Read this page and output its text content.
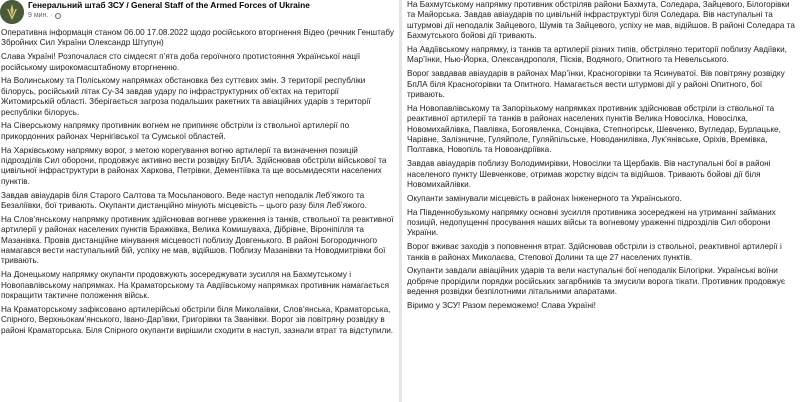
Генеральний штаб ЗСУ / General Staff of the Armed Forces of Ukraine
9 мин. ·

Оперативна інформація станом 06.00 17.08.2022 щодо російського вторгнення Відео (речник Генштабу Збройних Сил України Олександр Штупун)

Слава Україні! Розпочалася сто сімдесят п’ята доба героїчного протистояння Української нації російському широкомасштабному вторгненню.

На Волинському та Поліському напрямках обстановка без суттєвих змін. З території республіки білорусь, російський літак Су-34 завдав удару по інфраструктурних об’єктах на території Житомирській області. Зберігається загроза подальших ракетних та авіаційних ударів з території республіки білорусь.

На Сіверському напрямку противник вогнем не припиняє обстріли із ствольної артилерії по прикордонних районах Чернігівської та Сумської областей.

На Харківському напрямку ворог, з метою корегування вогню артилерії та визначення позицій підрозділів Сил оборони, продовжує активно вести розвідку БпЛА. Здійснював обстріли військової та цивільної інфраструктури в районах Харкова, Петрівки, Дементіївка та ще восьмидесяти населених пунктів.

Завдав авіаударів біля Старого Салтова та Мосьпанового. Веде наступ неподалік Лебʼяжого та Безаліївки, бої тривають. Окупанти дистанційно мінують місцевість – цього разу біля Лебʼяжого.

На Слов’янському напрямку противник здійснював вогневе ураження із танків, ствольної та реактивної артилерії у районах населених пунктів Бражківка, Велика Комишуваха, Дібрівне, Віроніпілля та Мазанівка. Провів дистанційне мінування місцевості поблизу Довгенького. В районі Богородичного намагався вести наступальний бій, успіху не мав, відійшов. Поблизу Мазанівки та Новодмитрівки бої тривають.

На Донецькому напрямку окупанти продовжують зосереджувати зусилля на Бахмутському і Новопавлівському напрямках. На Краматорському та Авдіївському напрямках противник намагається покращити тактичне положення військ.

На Краматорському зафіксовано артилерійські обстріли біля Миколаївки, Слов’янська, Краматорська, Спірного, Верхньокам’янського, Івано-Дар’івки, Григорівки та Званівки. Ворог зів повітряну розвідку в районі Краматорська. Біля Спірного окупанти вирішили сходити в наступ, зазнали втрат та відступили.

На Бахмутському напрямку противник обстріляв райони Бахмута, Соледара, Зайцевого, Білогорівки та Майорська. Завдав авіаударів по цивільній інфраструктурі біля Соледара. Вів наступальні та штурмові дії неподалік Зайцевого, Шумів та Зайцевого, успіху не мав, відійшов. В районі Соледара та Бахмутського бойові дії тривають.

На Авдіївському напрямку, із танків та артилерії різних типів, обстріляно території поблизу Авдіївки, Мар’їнки, Нью-Йорка, Олександрополя, Пісків, Водяного, Опитного та Невельського.

Ворог завдавав авіаударів в районах Мар’їнки, Красногорівки та Ясинуватої. Вів повітряну розвідку БпЛА біля Красногорівки та Опитного. Намагається вести штурмові дії у районі Опитного, бої тривають.

На Новопавлівському та Запорізькому напрямках противник здійснював обстріли із ствольної та реактивної артилерії та танків в районах населених пунктів Велика Новосілка, Новосілка, Новомихайлівка, Павлівка, Богоявленка, Сонцівка, Степногірськ, Шевченко, Вугледар, Бурлацьке, Чарівне, Залізничне, Гуляйполе, Гуляйпільське, Новоданилівка, Лук’янівське, Оріхів, Времівка, Полтавка, Новопіль та Новоандріївка.

Завдав авіаударів поблизу Володимирівки, Новосілки та Щербаків. Вів наступальні бої в районі населеного пункту Шевченкове, отримав жорстку відсіч та відійшов. Тривають бойові дії біля Новомихайлівки.

Окупанти замінували місцевість в районах Інженерного та Українського.

На Південнобузькому напрямку основні зусилля противника зосереджені на утриманні займаних позицій, недопущенні просування наших військ та вогневому ураженні підрозділів Сил оборони України.

Ворог вживає заходів з поповнення втрат. Здійснював обстріли із ствольної, реактивної артилерії і танків в районах Миколаєва, Степової Долини та ще 27 населених пунктів.

Окупанти завдали авіаційних ударів та вели наступальні бої неподалік Білогірки. Українські воїни добряче прорідили порядки російських загарбників та змусили ворога тікати. Противник продовжує ведення розвідки безпілотними літальними апаратами.

Віримо у ЗСУ! Разом переможемо! Слава Україні!
